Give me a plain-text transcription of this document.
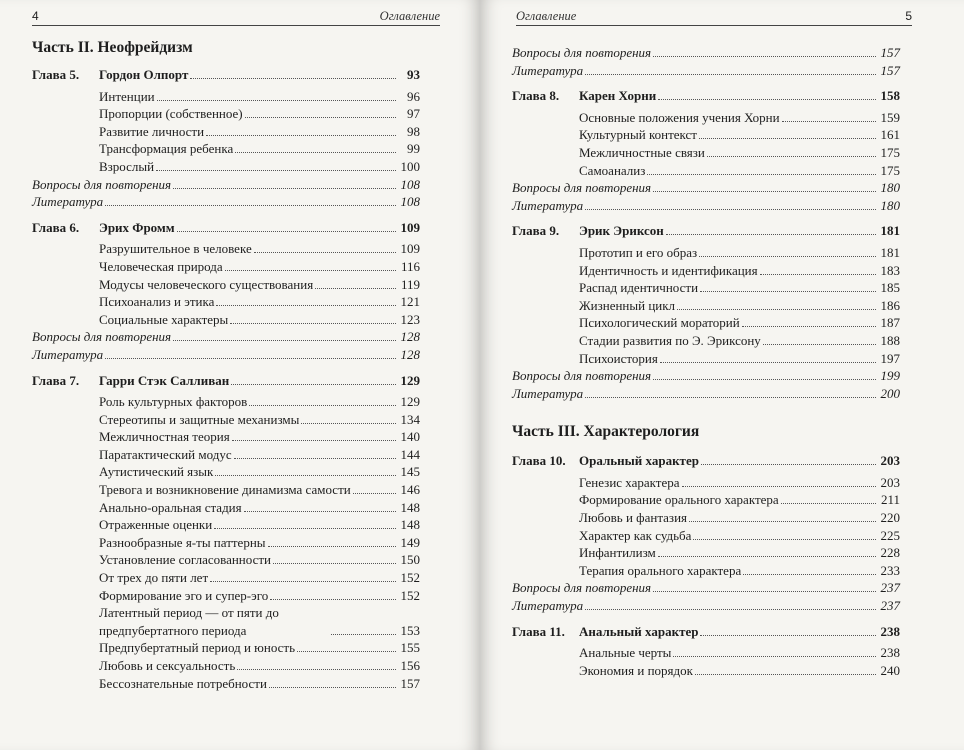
4	Оглавление
Часть II. Неофрейдизм
Глава 5. Гордон Олпорт	93
Интенции	96
Пропорции (собственное)	97
Развитие личности	98
Трансформация ребенка	99
Взрослый	100
Вопросы для повторения	108
Литература	108
Глава 6. Эрих Фромм	109
Разрушительное в человеке	109
Человеческая природа	116
Модусы человеческого существования	119
Психоанализ и этика	121
Социальные характеры	123
Вопросы для повторения	128
Литература	128
Глава 7. Гарри Стэк Салливан	129
Роль культурных факторов	129
Стереотипы и защитные механизмы	134
Межличностная теория	140
Паратактический модус	144
Аутистический язык	145
Тревога и возникновение динамизма самости	146
Анально-оральная стадия	148
Отраженные оценки	148
Разнообразные я-ты паттерны	149
Установление согласованности	150
От трех до пяти лет	152
Формирование эго и супер-эго	152
Латентный период — от пяти до предпубертатного периода	153
Предпубертатный период и юность	155
Любовь и сексуальность	156
Бессознательные потребности	157
Оглавление	5
Вопросы для повторения	157
Литература	157
Глава 8. Карен Хорни	158
Основные положения учения Хорни	159
Культурный контекст	161
Межличностные связи	175
Самоанализ	175
Вопросы для повторения	180
Литература	180
Глава 9. Эрик Эриксон	181
Прототип и его образ	181
Идентичность и идентификация	183
Распад идентичности	185
Жизненный цикл	186
Психологический мораторий	187
Стадии развития по Э. Эриксону	188
Психоистория	197
Вопросы для повторения	199
Литература	200
Часть III. Характерология
Глава 10. Оральный характер	203
Генезис характера	203
Формирование орального характера	211
Любовь и фантазия	220
Характер как судьба	225
Инфантилизм	228
Терапия орального характера	233
Вопросы для повторения	237
Литература	237
Глава 11. Анальный характер	238
Анальные черты	238
Экономия и порядок	240
